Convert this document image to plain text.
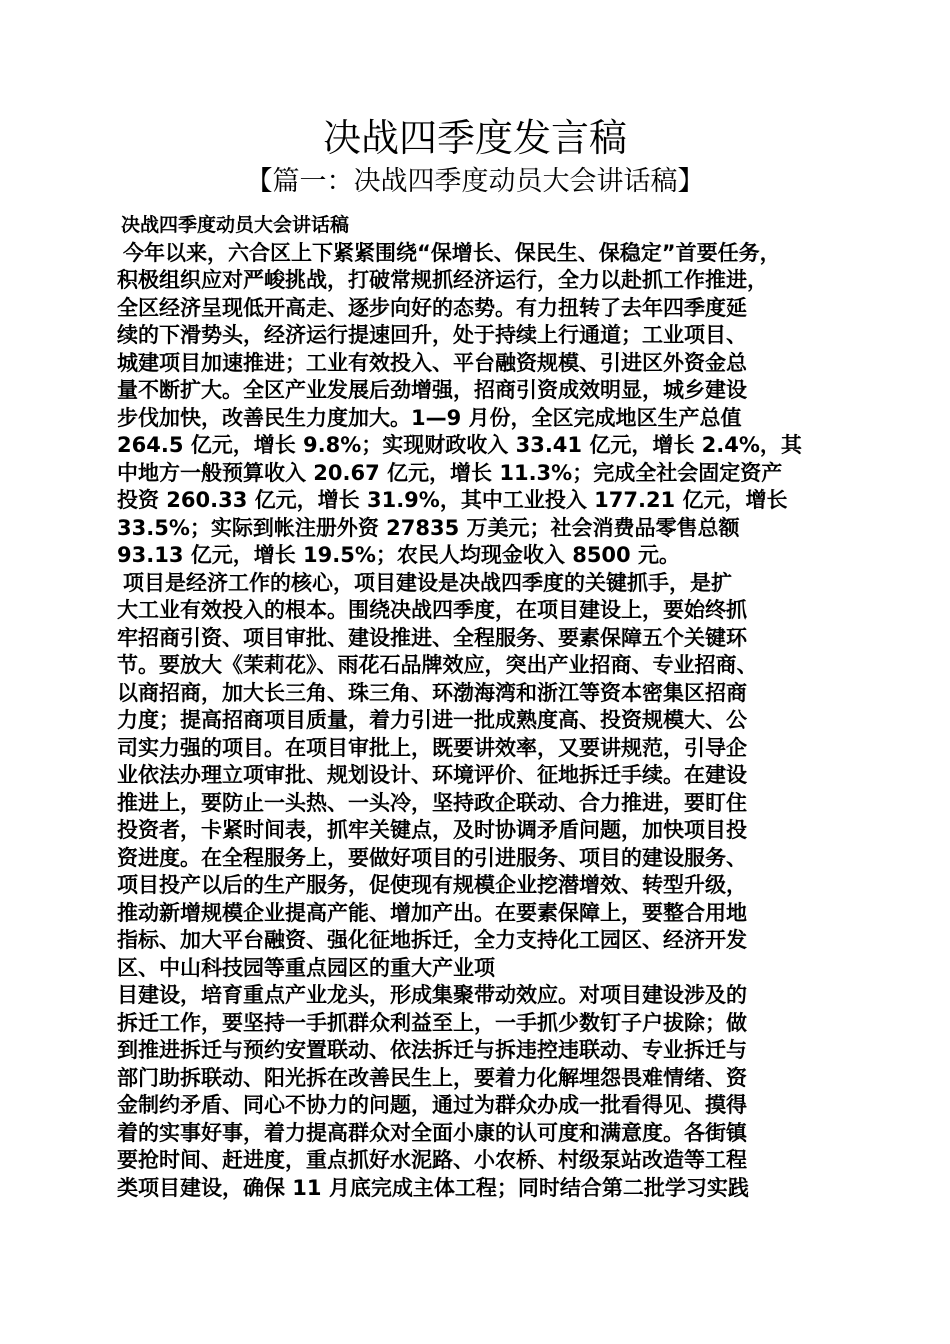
决战四季度发言稿
【篇一：决战四季度动员大会讲话稿】
决战四季度动员大会讲话稿
今年以来，六合区上下紧紧围绕“保增长、保民生、保稳定”首要任务，
积极组织应对严峻挑战，打破常规抓经济运行，全力以赴抓工作推进，
全区经济呈现低开高走、逐步向好的态势。有力扭转了去年四季度延
续的下滑势头，经济运行提速回升，处于持续上行通道；工业项目、
城建项目加速推进；工业有效投入、平台融资规模、引进区外资金总
量不断扩大。全区产业发展后劲增强，招商引资成效明显，城乡建设
步伐加快，改善民生力度加大。1—9 月份，全区完成地区生产总值
264.5 亿元，增长 9.8%；实现财政收入 33.41 亿元，增长 2.4%，其
中地方一般预算收入 20.67 亿元，增长 11.3%；完成全社会固定资产
投资 260.33 亿元，增长 31.9%，其中工业投入 177.21 亿元，增长
33.5%；实际到帐注册外资 27835 万美元；社会消费品零售总额
93.13 亿元，增长 19.5%；农民人均现金收入 8500 元。
项目是经济工作的核心，项目建设是决战四季度的关键抓手，是扩
大工业有效投入的根本。围绕决战四季度，在项目建设上，要始终抓
牢招商引资、项目审批、建设推进、全程服务、要素保障五个关键环
节。要放大《茉莉花》、雨花石品牌效应，突出产业招商、专业招商、
以商招商，加大长三角、珠三角、环渤海湾和浙江等资本密集区招商
力度；提高招商项目质量，着力引进一批成熟度高、投资规模大、公
司实力强的项目。在项目审批上，既要讲效率，又要讲规范，引导企
业依法办理立项审批、规划设计、环境评价、征地拆迁手续。在建设
推进上，要防止一头热、一头冷，坚持政企联动、合力推进，要盯住
投资者，卡紧时间表，抓牢关键点，及时协调矛盾问题，加快项目投
资进度。在全程服务上，要做好项目的引进服务、项目的建设服务、
项目投产以后的生产服务，促使现有规模企业挖潜增效、转型升级，
推动新增规模企业提高产能、增加产出。在要素保障上，要整合用地
指标、加大平台融资、强化征地拆迁，全力支持化工园区、经济开发
区、中山科技园等重点园区的重大产业项
目建设，培育重点产业龙头，形成集聚带动效应。对项目建设涉及的
拆迁工作，要坚持一手抓群众利益至上，一手抓少数钉子户拔除；做
到推进拆迁与预约安置联动、依法拆迁与拆违控违联动、专业拆迁与
部门助拆联动、阳光拆在改善民生上，要着力化解埋怨畏难情绪、资
金制约矛盾、同心不协力的问题，通过为群众办成一批看得见、摸得
着的实事好事，着力提高群众对全面小康的认可度和满意度。各街镇
要抢时间、赶进度，重点抓好水泥路、小农桥、村级泵站改造等工程
类项目建设，确保 11 月底完成主体工程；同时结合第二批学习实践
